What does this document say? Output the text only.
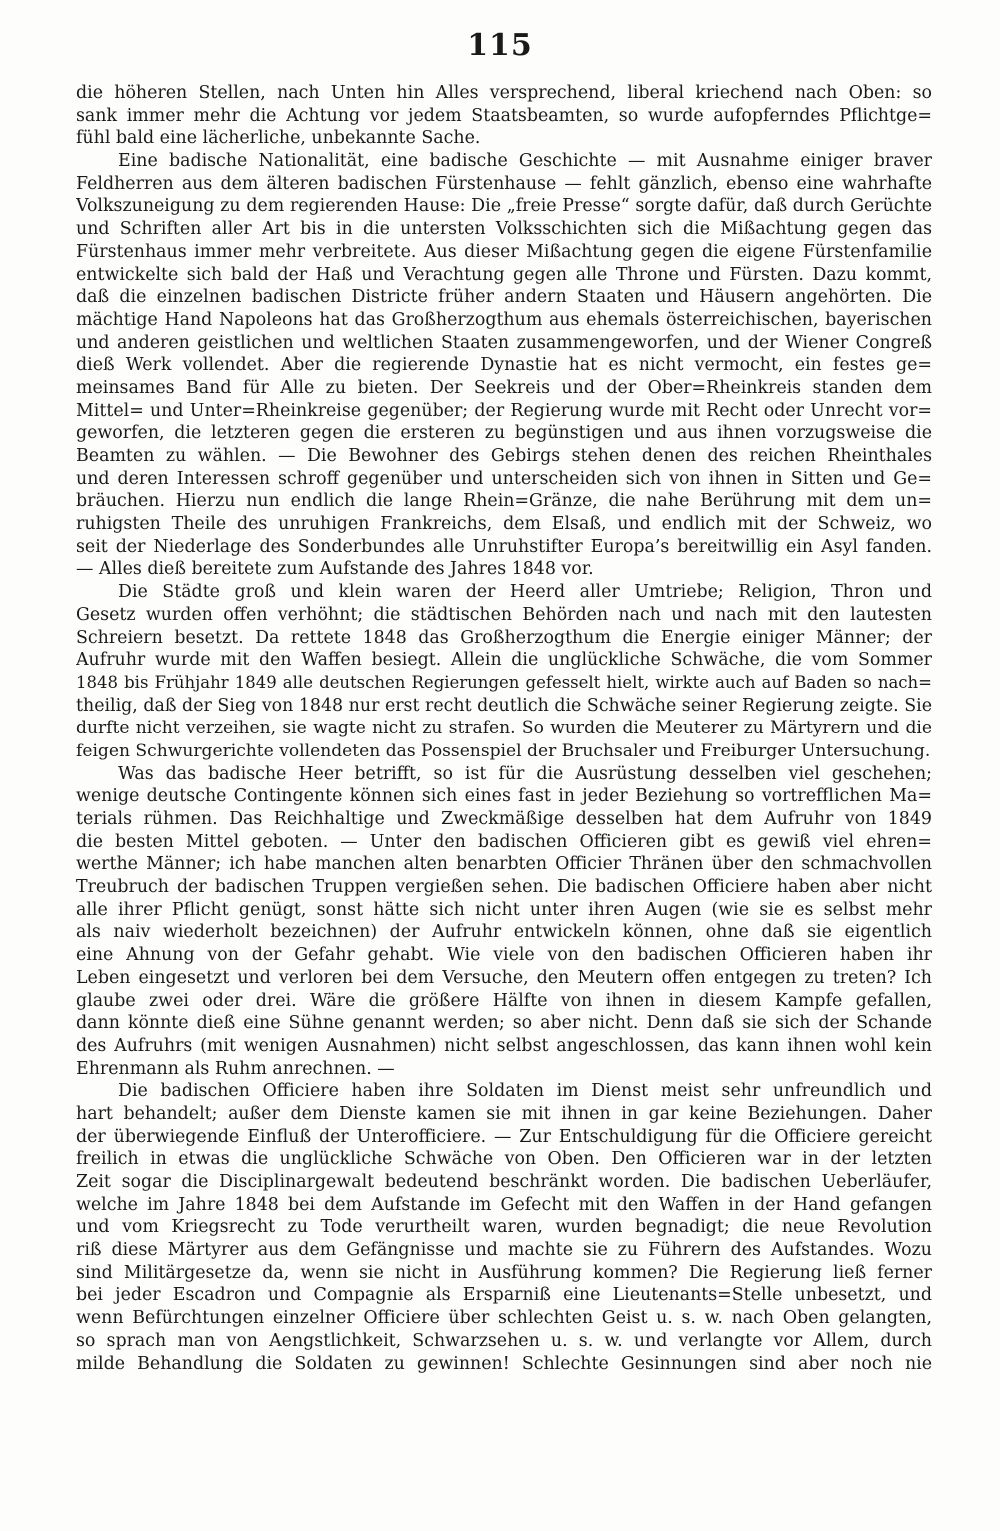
115
die höheren Stellen, nach Unten hin Alles versprechend, liberal kriechend nach Oben: so
sank immer mehr die Achtung vor jedem Staatsbeamten, so wurde aufopferndes Pflichtge=
fühl bald eine lächerliche, unbekannte Sache.
Eine badische Nationalität, eine badische Geschichte — mit Ausnahme einiger braver
Feldherren aus dem älteren badischen Fürstenhause — fehlt gänzlich, ebenso eine wahrhafte
Volkszuneigung zu dem regierenden Hause: Die „freie Presse“ sorgte dafür, daß durch Gerüchte
und Schriften aller Art bis in die untersten Volksschichten sich die Mißachtung gegen das
Fürstenhaus immer mehr verbreitete. Aus dieser Mißachtung gegen die eigene Fürstenfamilie
entwickelte sich bald der Haß und Verachtung gegen alle Throne und Fürsten. Dazu kommt,
daß die einzelnen badischen Districte früher andern Staaten und Häusern angehörten. Die
mächtige Hand Napoleons hat das Großherzogthum aus ehemals österreichischen, bayerischen
und anderen geistlichen und weltlichen Staaten zusammengeworfen, und der Wiener Congreß
dieß Werk vollendet. Aber die regierende Dynastie hat es nicht vermocht, ein festes ge=
meinsames Band für Alle zu bieten. Der Seekreis und der Ober=Rheinkreis standen dem
Mittel= und Unter=Rheinkreise gegenüber; der Regierung wurde mit Recht oder Unrecht vor=
geworfen, die letzteren gegen die ersteren zu begünstigen und aus ihnen vorzugsweise die
Beamten zu wählen. — Die Bewohner des Gebirgs stehen denen des reichen Rheinthales
und deren Interessen schroff gegenüber und unterscheiden sich von ihnen in Sitten und Ge=
bräuchen. Hierzu nun endlich die lange Rhein=Gränze, die nahe Berührung mit dem un=
ruhigsten Theile des unruhigen Frankreichs, dem Elsaß, und endlich mit der Schweiz, wo
seit der Niederlage des Sonderbundes alle Unruhstifter Europa’s bereitwillig ein Asyl fanden.
— Alles dieß bereitete zum Aufstande des Jahres 1848 vor.
Die Städte groß und klein waren der Heerd aller Umtriebe; Religion, Thron und
Gesetz wurden offen verhöhnt; die städtischen Behörden nach und nach mit den lautesten
Schreiern besetzt. Da rettete 1848 das Großherzogthum die Energie einiger Männer; der
Aufruhr wurde mit den Waffen besiegt. Allein die unglückliche Schwäche, die vom Sommer
1848 bis Frühjahr 1849 alle deutschen Regierungen gefesselt hielt, wirkte auch auf Baden so nach=
theilig, daß der Sieg von 1848 nur erst recht deutlich die Schwäche seiner Regierung zeigte. Sie
durfte nicht verzeihen, sie wagte nicht zu strafen. So wurden die Meuterer zu Märtyrern und die
feigen Schwurgerichte vollendeten das Possenspiel der Bruchsaler und Freiburger Untersuchung.
Was das badische Heer betrifft, so ist für die Ausrüstung desselben viel geschehen;
wenige deutsche Contingente können sich eines fast in jeder Beziehung so vortrefflichen Ma=
terials rühmen. Das Reichhaltige und Zweckmäßige desselben hat dem Aufruhr von 1849
die besten Mittel geboten. — Unter den badischen Officieren gibt es gewiß viel ehren=
werthe Männer; ich habe manchen alten benarbten Officier Thränen über den schmachvollen
Treubruch der badischen Truppen vergießen sehen. Die badischen Officiere haben aber nicht
alle ihrer Pflicht genügt, sonst hätte sich nicht unter ihren Augen (wie sie es selbst mehr
als naiv wiederholt bezeichnen) der Aufruhr entwickeln können, ohne daß sie eigentlich
eine Ahnung von der Gefahr gehabt. Wie viele von den badischen Officieren haben ihr
Leben eingesetzt und verloren bei dem Versuche, den Meutern offen entgegen zu treten? Ich
glaube zwei oder drei. Wäre die größere Hälfte von ihnen in diesem Kampfe gefallen,
dann könnte dieß eine Sühne genannt werden; so aber nicht. Denn daß sie sich der Schande
des Aufruhrs (mit wenigen Ausnahmen) nicht selbst angeschlossen, das kann ihnen wohl kein
Ehrenmann als Ruhm anrechnen. —
Die badischen Officiere haben ihre Soldaten im Dienst meist sehr unfreundlich und
hart behandelt; außer dem Dienste kamen sie mit ihnen in gar keine Beziehungen. Daher
der überwiegende Einfluß der Unterofficiere. — Zur Entschuldigung für die Officiere gereicht
freilich in etwas die unglückliche Schwäche von Oben. Den Officieren war in der letzten
Zeit sogar die Disciplinargewalt bedeutend beschränkt worden. Die badischen Ueberläufer,
welche im Jahre 1848 bei dem Aufstande im Gefecht mit den Waffen in der Hand gefangen
und vom Kriegsrecht zu Tode verurtheilt waren, wurden begnadigt; die neue Revolution
riß diese Märtyrer aus dem Gefängnisse und machte sie zu Führern des Aufstandes. Wozu
sind Militärgesetze da, wenn sie nicht in Ausführung kommen? Die Regierung ließ ferner
bei jeder Escadron und Compagnie als Ersparniß eine Lieutenants=Stelle unbesetzt, und
wenn Befürchtungen einzelner Officiere über schlechten Geist u. s. w. nach Oben gelangten,
so sprach man von Aengstlichkeit, Schwarzsehen u. s. w. und verlangte vor Allem, durch
milde Behandlung die Soldaten zu gewinnen! Schlechte Gesinnungen sind aber noch nie
